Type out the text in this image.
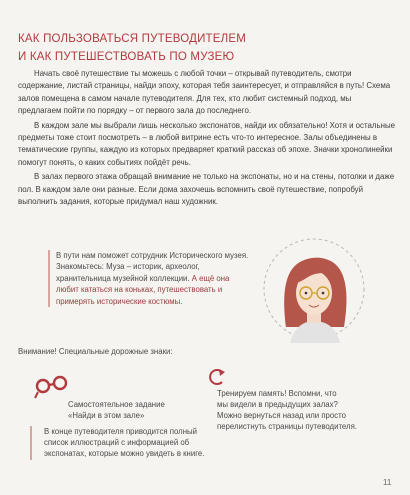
КАК ПОЛЬЗОВАТЬСЯ ПУТЕВОДИТЕЛЕМ
И КАК ПУТЕШЕСТВОВАТЬ ПО МУЗЕЮ

Начать своё путешествие ты можешь с любой точки – открывай путеводитель, смотри содержание, листай страницы, найди эпоху, которая тебя заинтересует, и отправляйся в путь! Схема залов помещена в самом начале путеводителя. Для тех, кто любит системный подход, мы предлагаем пойти по порядку – от первого зала до последнего.

В каждом зале мы выбрали лишь несколько экспонатов, найди их обязательно! Хотя и остальные предметы тоже стоит посмотреть – в любой витрине есть что-то интересное. Залы объединены в тематические группы, каждую из которых предваряет краткий рассказ об эпохе. Значки хронолинейки помогут понять, о каких событиях пойдёт речь.

В залах первого этажа обращай внимание не только на экспонаты, но и на стены, потолки и даже пол. В каждом зале они разные. Если дома захочешь вспомнить своё путешествие, попробуй выполнить задания, которые придумал наш художник.

В пути нам поможет сотрудник Исторического музея. Знакомьтесь: Муза – историк, археолог, хранительница музейной коллекции. А ещё она любит кататься на коньках, путешествовать и примерять исторические костюмы.
Внимание! Специальные дорожные знаки:
Самостоятельное задание
«Найди в этом зале»
Тренируем память! Вспомни, что
мы видели в предыдущих залах?
Можно вернуться назад или просто
перелистнуть страницы путеводителя.
В конце путеводителя приводится полный список иллюстраций с информацией об экспонатах, которые можно увидеть в книге.
11
